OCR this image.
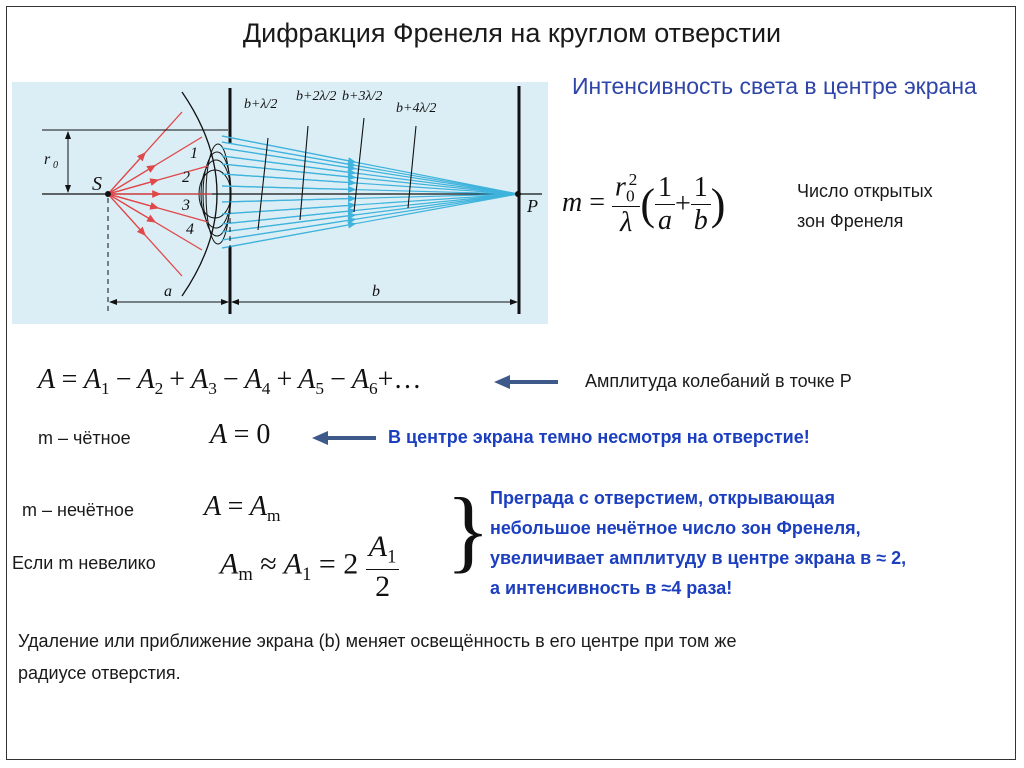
Дифракция Френеля на круглом отверстии
S
P
r 0
1
2
3
4
a	b
b+λ/2
b+2λ/2 b+3λ/2
b+4λ/2
Интенсивность света в центре экрана
$m = \frac{r_0^2}{\lambda}$ ( $\frac{1}{a} + \frac{1}{b}$ )	Число открытых
зон Френеля
$A = A_1 - A_2 + A_3 - A_4 + A_5$ − $A_6+\dots$	Амплитуда колебаний в точке Р
m – чётное	A = 0	В центре экрана темно несмотря на отверстие!
m – нечётное	$A = A_m$
Если m невелико $A_m \approx A_1 = 2 \frac{A_1}{2}$ } Преграда с отверстием, открывающая
небольшое нечётное число зон Френеля,
увеличивает амплитуду в центре экрана в ≈ 2,
а интенсивность в ≈4 раза!
Удаление или приближение экрана (b) меняет освещённость в его центре при том же
радиусе отверстия.
